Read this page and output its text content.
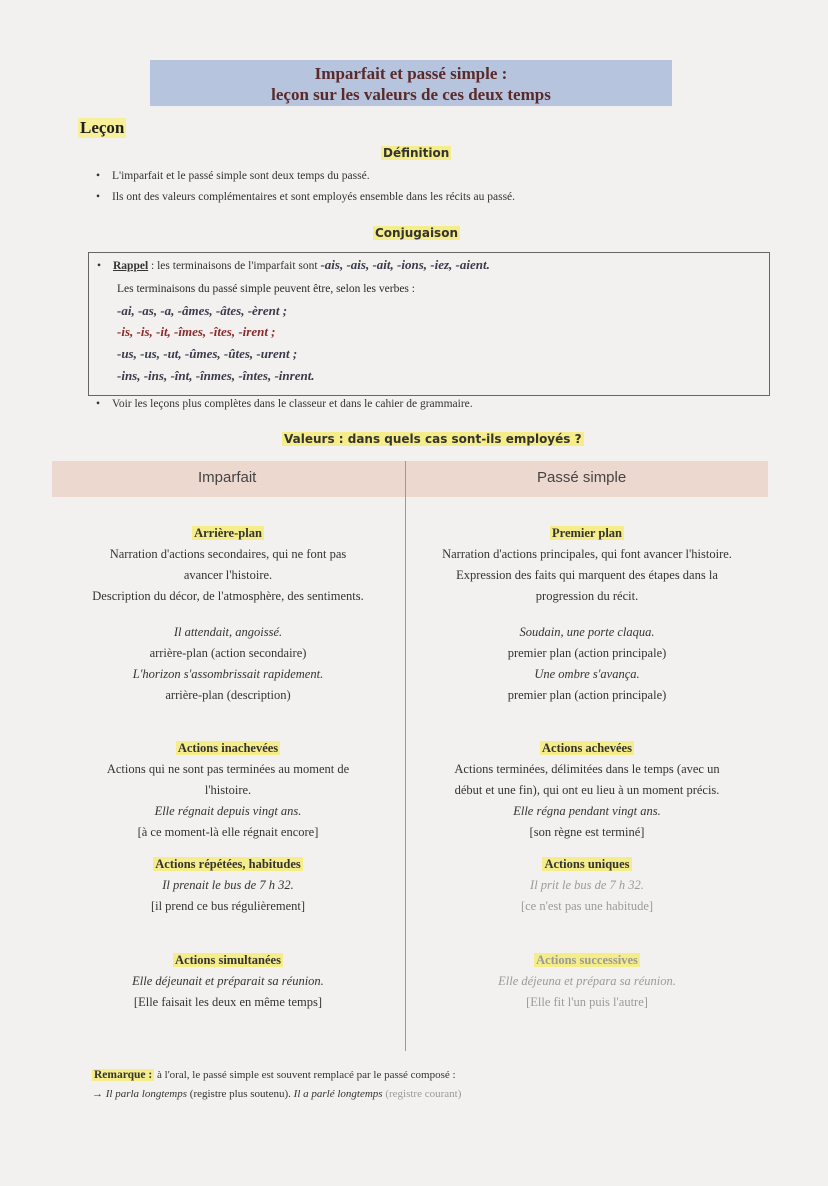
Imparfait et passé simple :
leçon sur les valeurs de ces deux temps
Leçon
Définition
• L'imparfait et le passé simple sont deux temps du passé.
• Ils ont des valeurs complémentaires et sont employés ensemble dans les récits au passé.
Conjugaison
• Rappel : les terminaisons de l'imparfait sont -ais, -ais, -ait, -ions, -iez, -aient.
Les terminaisons du passé simple peuvent être, selon les verbes :
-ai, -as, -a, -âmes, -âtes, -èrent ;
-is, -is, -it, -îmes, -îtes, -irent ;
-us, -us, -ut, -ûmes, -ûtes, -urent ;
-ins, -ins, -înt, -înmes, -întes, -inrent.
• Voir les leçons plus complètes dans le classeur et dans le cahier de grammaire.
Valeurs : dans quels cas sont-ils employés ?
Imparfait	Passé simple
Arrière-plan
Narration d'actions secondaires, qui ne font pas
avancer l'histoire.
Description du décor, de l'atmosphère, des sentiments.
Il attendait, angoissé.
arrière-plan (action secondaire)
L'horizon s'assombrissait rapidement.
arrière-plan (description)
Actions inachevées
Actions qui ne sont pas terminées au moment de
l'histoire.
Elle régnait depuis vingt ans.
[à ce moment-là elle régnait encore]
Actions répétées, habitudes
Il prenait le bus de 7 h 32.
[il prend ce bus régulièrement]
Actions simultanées
Elle déjeunait et préparait sa réunion.
[Elle faisait les deux en même temps]
Premier plan
Narration d'actions principales, qui font avancer l'histoire.
Expression des faits qui marquent des étapes dans la
progression du récit.
Soudain, une porte claqua.
premier plan (action principale)
Une ombre s'avança.
premier plan (action principale)
Actions achevées
Actions terminées, délimitées dans le temps (avec un
début et une fin), qui ont eu lieu à un moment précis.
Elle régna pendant vingt ans.
[son règne est terminé]
Actions uniques
Il prit le bus de 7 h 32.
[ce n'est pas une habitude]
Actions successives
Elle déjeuna et prépara sa réunion.
[Elle fit l'un puis l'autre]
Remarque : à l'oral, le passé simple est souvent remplacé par le passé composé :
→ Il parla longtemps (registre plus soutenu). Il a parlé longtemps (registre courant)
